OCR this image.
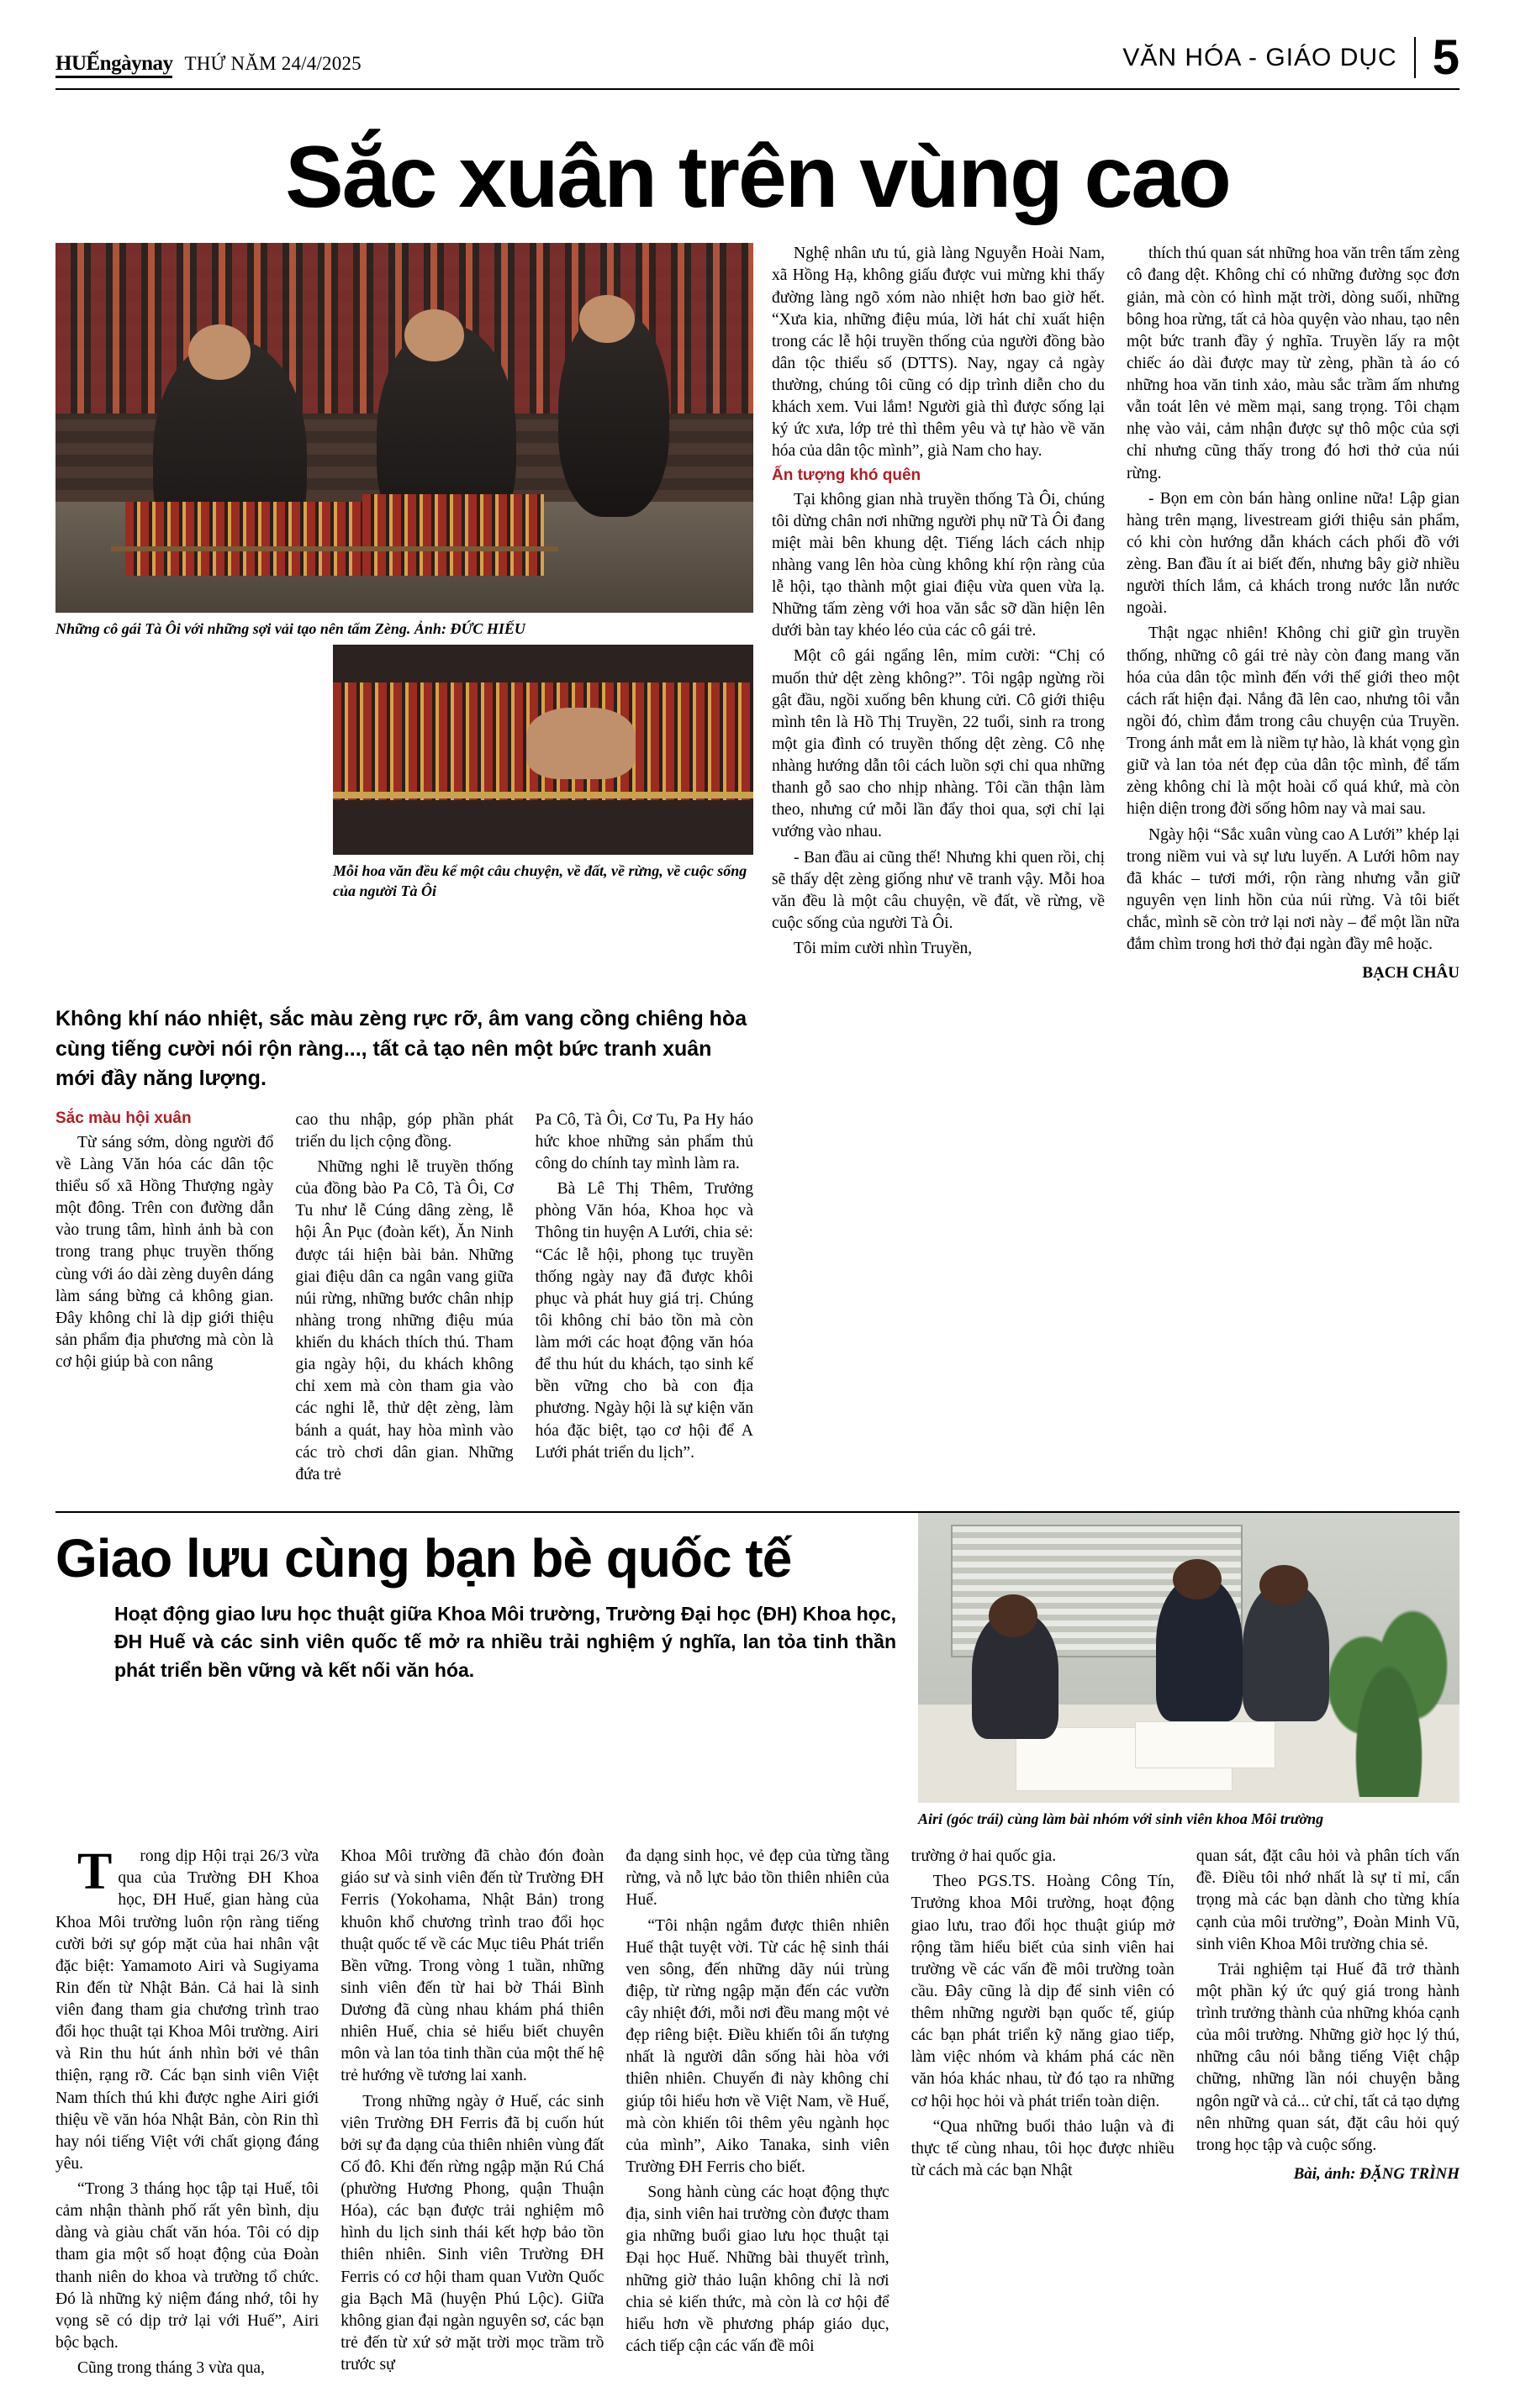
HUẾngàynay THỨ NĂM 24/4/2025	VĂN HÓA - GIÁO DỤC 5
Sắc xuân trên vùng cao
Những cô gái Tà Ôi với những sợi vải tạo nên tấm Zèng. Ảnh: ĐỨC HIẾU
Mỗi hoa văn đều kể một câu chuyện, về đất, về rừng, về cuộc sống của người Tà Ôi

Nghệ nhân ưu tú, già làng Nguyễn Hoài Nam, xã Hồng Hạ, không giấu được vui mừng khi thấy đường làng ngõ xóm nào nhiệt hơn bao giờ hết. “Xưa kia, những điệu múa, lời hát chỉ xuất hiện trong các lễ hội truyền thống của người đồng bào dân tộc thiểu số (DTTS). Nay, ngay cả ngày thường, chúng tôi cũng có dịp trình diễn cho du khách xem. Vui lắm! Người già thì được sống lại ký ức xưa, lớp trẻ thì thêm yêu và tự hào về văn hóa của dân tộc mình”, già Nam cho hay.

Ấn tượng khó quên

Tại không gian nhà truyền thống Tà Ôi, chúng tôi dừng chân nơi những người phụ nữ Tà Ôi đang miệt mài bên khung dệt. Tiếng lách cách nhịp nhàng vang lên hòa cùng không khí rộn ràng của lễ hội, tạo thành một giai điệu vừa quen vừa lạ. Những tấm zèng với hoa văn sắc sỡ dần hiện lên dưới bàn tay khéo léo của các cô gái trẻ.

Một cô gái ngẩng lên, mỉm cười: “Chị có muốn thử dệt zèng không?”. Tôi ngập ngừng rồi gật đầu, ngồi xuống bên khung cửi. Cô giới thiệu mình tên là Hồ Thị Truyền, 22 tuổi, sinh ra trong một gia đình có truyền thống dệt zèng. Cô nhẹ nhàng hướng dẫn tôi cách luồn sợi chỉ qua những thanh gỗ sao cho nhịp nhàng. Tôi cần thận làm theo, nhưng cứ mỗi lần đẩy thoi qua, sợi chỉ lại vướng vào nhau.

- Ban đầu ai cũng thế! Nhưng khi quen rồi, chị sẽ thấy dệt zèng giống như vẽ tranh vậy. Mỗi hoa văn đều là một câu chuyện, về đất, về rừng, về cuộc sống của người Tà Ôi.

Tôi mỉm cười nhìn Truyền,

thích thú quan sát những hoa văn trên tấm zèng cô đang dệt. Không chỉ có những đường sọc đơn giản, mà còn có hình mặt trời, dòng suối, những bông hoa rừng, tất cả hòa quyện vào nhau, tạo nên một bức tranh đầy ý nghĩa. Truyền lấy ra một chiếc áo dài được may từ zèng, phần tà áo có những hoa văn tinh xảo, màu sắc trầm ấm nhưng vẫn toát lên vẻ mềm mại, sang trọng. Tôi chạm nhẹ vào vải, cảm nhận được sự thô mộc của sợi chỉ nhưng cũng thấy trong đó hơi thở của núi rừng.

- Bọn em còn bán hàng online nữa! Lập gian hàng trên mạng, livestream giới thiệu sản phẩm, có khi còn hướng dẫn khách cách phối đồ với zèng. Ban đầu ít ai biết đến, nhưng bây giờ nhiều người thích lắm, cả khách trong nước lẫn nước ngoài.

Thật ngạc nhiên! Không chỉ giữ gìn truyền thống, những cô gái trẻ này còn đang mang văn hóa của dân tộc mình đến với thế giới theo một cách rất hiện đại. Nắng đã lên cao, nhưng tôi vẫn ngồi đó, chìm đắm trong câu chuyện của Truyền. Trong ánh mắt em là niềm tự hào, là khát vọng gìn giữ và lan tỏa nét đẹp của dân tộc mình, để tấm zèng không chỉ là một hoài cổ quá khứ, mà còn hiện diện trong đời sống hôm nay và mai sau.

Ngày hội “Sắc xuân vùng cao A Lưới” khép lại trong niềm vui và sự lưu luyến. A Lưới hôm nay đã khác – tươi mới, rộn ràng nhưng vẫn giữ nguyên vẹn linh hồn của núi rừng. Và tôi biết chắc, mình sẽ còn trở lại nơi này – để một lần nữa đắm chìm trong hơi thở đại ngàn đầy mê hoặc.

BẠCH CHÂU

Không khí náo nhiệt, sắc màu zèng rực rỡ, âm vang cồng chiêng hòa cùng tiếng cười nói rộn ràng..., tất cả tạo nên một bức tranh xuân mới đầy năng lượng.

Sắc màu hội xuân

Từ sáng sớm, dòng người đổ về Làng Văn hóa các dân tộc thiểu số xã Hồng Thượng ngày một đông. Trên con đường dẫn vào trung tâm, hình ảnh bà con trong trang phục truyền thống cùng với áo dài zèng duyên dáng làm sáng bừng cả không gian. Đây không chỉ là dịp giới thiệu sản phẩm địa phương mà còn là cơ hội giúp bà con nâng

cao thu nhập, góp phần phát triển du lịch cộng đồng.

Những nghi lễ truyền thống của đồng bào Pa Cô, Tà Ôi, Cơ Tu như lễ Cúng dâng zèng, lễ hội Ân Pục (đoàn kết), Ăn Ninh được tái hiện bài bản. Những giai điệu dân ca ngân vang giữa núi rừng, những bước chân nhịp nhàng trong những điệu múa khiến du khách thích thú. Tham gia ngày hội, du khách không chỉ xem mà còn tham gia vào các nghi lễ, thử dệt zèng, làm bánh a quát, hay hòa mình vào các trò chơi dân gian. Những đứa trẻ

Pa Cô, Tà Ôi, Cơ Tu, Pa Hy háo hức khoe những sản phẩm thủ công do chính tay mình làm ra.

Bà Lê Thị Thêm, Trưởng phòng Văn hóa, Khoa học và Thông tin huyện A Lưới, chia sẻ: “Các lễ hội, phong tục truyền thống ngày nay đã được khôi phục và phát huy giá trị. Chúng tôi không chỉ bảo tồn mà còn làm mới các hoạt động văn hóa để thu hút du khách, tạo sinh kế bền vững cho bà con địa phương. Ngày hội là sự kiện văn hóa đặc biệt, tạo cơ hội để A Lưới phát triển du lịch”.

Giao lưu cùng bạn bè quốc tế

Hoạt động giao lưu học thuật giữa Khoa Môi trường, Trường Đại học (ĐH) Khoa học, ĐH Huế và các sinh viên quốc tế mở ra nhiều trải nghiệm ý nghĩa, lan tỏa tinh thần phát triển bền vững và kết nối văn hóa.

Airi (góc trái) cùng làm bài nhóm với sinh viên khoa Môi trường

Trong dịp Hội trại 26/3 vừa qua của Trường ĐH Khoa học, ĐH Huế, gian hàng của Khoa Môi trường luôn rộn ràng tiếng cười bởi sự góp mặt của hai nhân vật đặc biệt: Yamamoto Airi và Sugiyama Rin đến từ Nhật Bản. Cả hai là sinh viên đang tham gia chương trình trao đổi học thuật tại Khoa Môi trường. Airi và Rin thu hút ánh nhìn bởi vẻ thân thiện, rạng rỡ. Các bạn sinh viên Việt Nam thích thú khi được nghe Airi giới thiệu về văn hóa Nhật Bản, còn Rin thì hay nói tiếng Việt với chất giọng đáng yêu.

“Trong 3 tháng học tập tại Huế, tôi cảm nhận thành phố rất yên bình, dịu dàng và giàu chất văn hóa. Tôi có dịp tham gia một số hoạt động của Đoàn thanh niên do khoa và trường tổ chức. Đó là những kỷ niệm đáng nhớ, tôi hy vọng sẽ có dịp trở lại với Huế”, Airi bộc bạch.

Cũng trong tháng 3 vừa qua,

Khoa Môi trường đã chào đón đoàn giáo sư và sinh viên đến từ Trường ĐH Ferris (Yokohama, Nhật Bản) trong khuôn khổ chương trình trao đổi học thuật quốc tế về các Mục tiêu Phát triển Bền vững. Trong vòng 1 tuần, những sinh viên đến từ hai bờ Thái Bình Dương đã cùng nhau khám phá thiên nhiên Huế, chia sẻ hiểu biết chuyên môn và lan tỏa tinh thần của một thế hệ trẻ hướng về tương lai xanh.

Trong những ngày ở Huế, các sinh viên Trường ĐH Ferris đã bị cuốn hút bởi sự đa dạng của thiên nhiên vùng đất Cố đô. Khi đến rừng ngập mặn Rú Chá (phường Hương Phong, quận Thuận Hóa), các bạn được trải nghiệm mô hình du lịch sinh thái kết hợp bảo tồn thiên nhiên. Sinh viên Trường ĐH Ferris có cơ hội tham quan Vườn Quốc gia Bạch Mã (huyện Phú Lộc). Giữa không gian đại ngàn nguyên sơ, các bạn trẻ đến từ xứ sở mặt trời mọc trầm trồ trước sự

đa dạng sinh học, vẻ đẹp của từng tầng rừng, và nỗ lực bảo tồn thiên nhiên của Huế.

“Tôi nhận ngắm được thiên nhiên Huế thật tuyệt vời. Từ các hệ sinh thái ven sông, đến những dãy núi trùng điệp, từ rừng ngập mặn đến các vườn cây nhiệt đới, mỗi nơi đều mang một vẻ đẹp riêng biệt. Điều khiến tôi ấn tượng nhất là người dân sống hài hòa với thiên nhiên. Chuyến đi này không chỉ giúp tôi hiểu hơn về Việt Nam, về Huế, mà còn khiến tôi thêm yêu ngành học của mình”, Aiko Tanaka, sinh viên Trường ĐH Ferris cho biết.

Song hành cùng các hoạt động thực địa, sinh viên hai trường còn được tham gia những buổi giao lưu học thuật tại Đại học Huế. Những bài thuyết trình, những giờ thảo luận không chỉ là nơi chia sẻ kiến thức, mà còn là cơ hội để hiểu hơn về phương pháp giáo dục, cách tiếp cận các vấn đề môi

trường ở hai quốc gia.

Theo PGS.TS. Hoàng Công Tín, Trưởng khoa Môi trường, hoạt động giao lưu, trao đổi học thuật giúp mở rộng tầm hiểu biết của sinh viên hai trường về các vấn đề môi trường toàn cầu. Đây cũng là dịp để sinh viên có thêm những người bạn quốc tế, giúp các bạn phát triển kỹ năng giao tiếp, làm việc nhóm và khám phá các nền văn hóa khác nhau, từ đó tạo ra những cơ hội học hỏi và phát triển toàn diện.

“Qua những buổi thảo luận và đi thực tế cùng nhau, tôi học được nhiều từ cách mà các bạn Nhật

quan sát, đặt câu hỏi và phân tích vấn đề. Điều tôi nhớ nhất là sự tỉ mỉ, cẩn trọng mà các bạn dành cho từng khía cạnh của môi trường”, Đoàn Minh Vũ, sinh viên Khoa Môi trường chia sẻ.

Trải nghiệm tại Huế đã trở thành một phần ký ức quý giá trong hành trình trưởng thành của những khóa cạnh của môi trường. Những giờ học lý thú, những câu nói bằng tiếng Việt chập chững, những lần nói chuyện bằng ngôn ngữ và cả... cử chỉ, tất cả tạo dựng nên những quan sát, đặt câu hỏi quý trong học tập và cuộc sống.

Bài, ảnh: ĐẶNG TRÌNH
